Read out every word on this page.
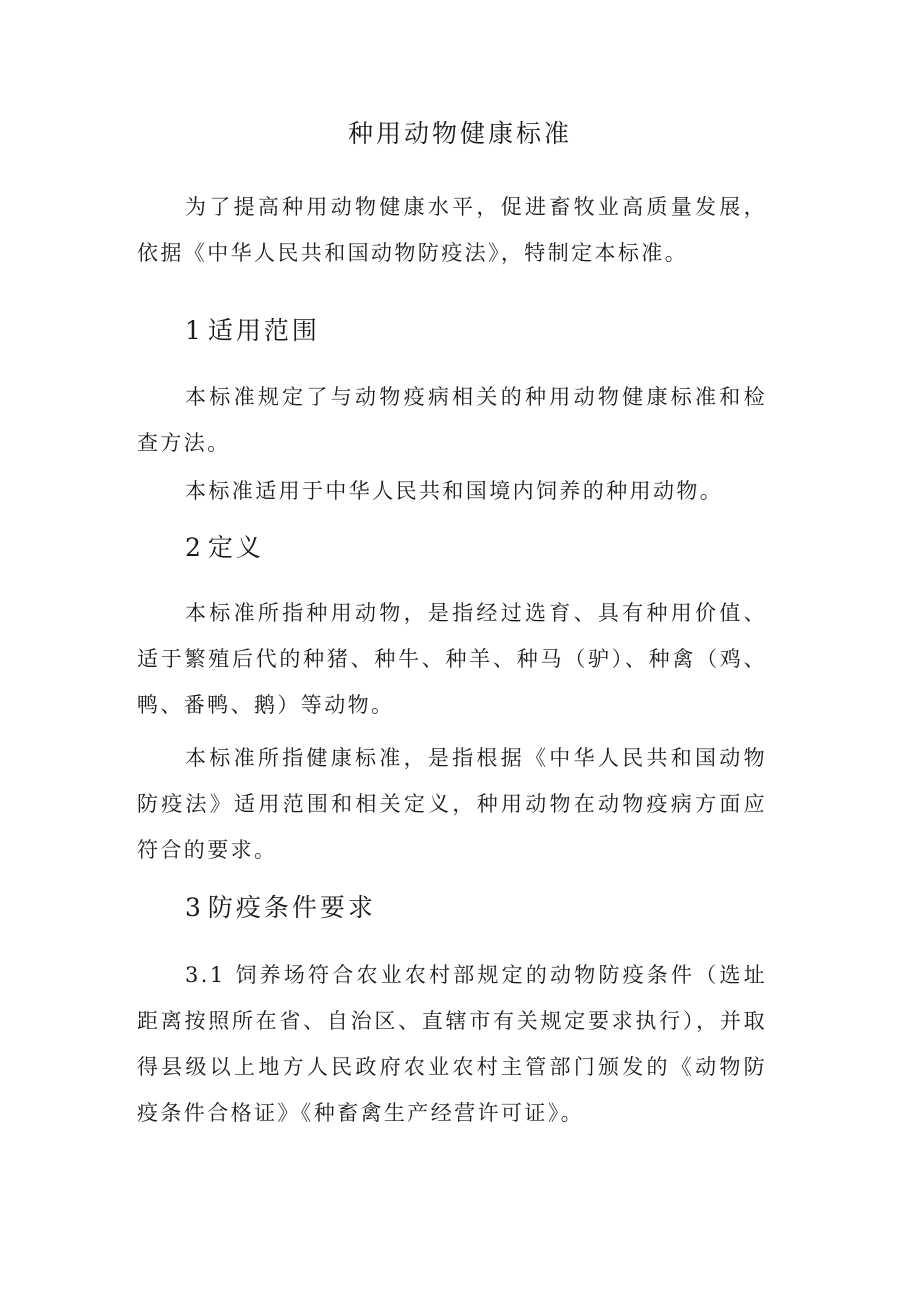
种用动物健康标准

为了提高种用动物健康水平，促进畜牧业高质量发展，依据《中华人民共和国动物防疫法》，特制定本标准。

1 适用范围

本标准规定了与动物疫病相关的种用动物健康标准和检查方法。

本标准适用于中华人民共和国境内饲养的种用动物。

2 定义

本标准所指种用动物，是指经过选育、具有种用价值、适于繁殖后代的种猪、种牛、种羊、种马（驴）、种禽（鸡、鸭、番鸭、鹅）等动物。

本标准所指健康标准，是指根据《中华人民共和国动物防疫法》适用范围和相关定义，种用动物在动物疫病方面应符合的要求。

3 防疫条件要求

3.1 饲养场符合农业农村部规定的动物防疫条件（选址距离按照所在省、自治区、直辖市有关规定要求执行），并取得县级以上地方人民政府农业农村主管部门颁发的《动物防疫条件合格证》《种畜禽生产经营许可证》。
